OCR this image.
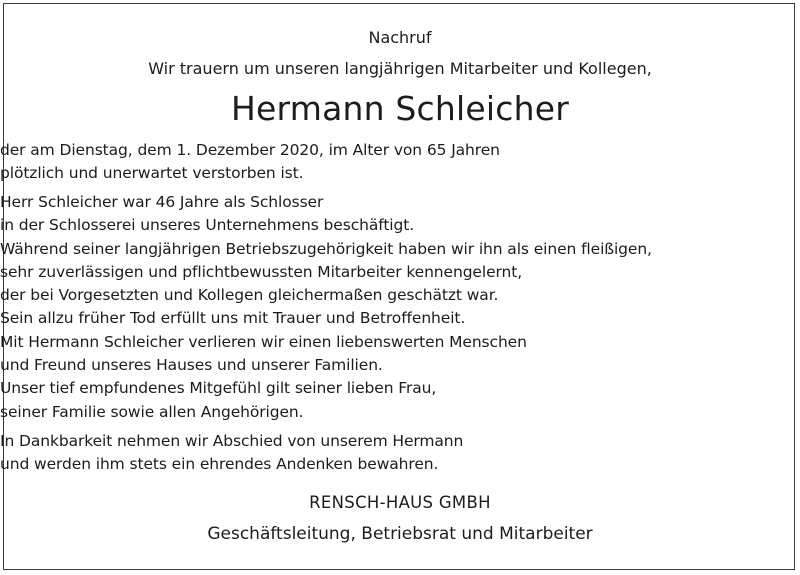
Nachruf
Wir trauern um unseren langjährigen Mitarbeiter und Kollegen,
Hermann Schleicher
der am Dienstag, dem 1. Dezember 2020, im Alter von 65 Jahren
plötzlich und unerwartet verstorben ist.
Herr Schleicher war 46 Jahre als Schlosser
in der Schlosserei unseres Unternehmens beschäftigt.
Während seiner langjährigen Betriebszugehörigkeit haben wir ihn als einen fleißigen,
sehr zuverlässigen und pflichtbewussten Mitarbeiter kennengelernt,
der bei Vorgesetzten und Kollegen gleichermaßen geschätzt war.
Sein allzu früher Tod erfüllt uns mit Trauer und Betroffenheit.
Mit Hermann Schleicher verlieren wir einen liebenswerten Menschen
und Freund unseres Hauses und unserer Familien.
Unser tief empfundenes Mitgefühl gilt seiner lieben Frau,
seiner Familie sowie allen Angehörigen.
In Dankbarkeit nehmen wir Abschied von unserem Hermann
und werden ihm stets ein ehrendes Andenken bewahren.
RENSCH-HAUS GMBH
Geschäftsleitung, Betriebsrat und Mitarbeiter
